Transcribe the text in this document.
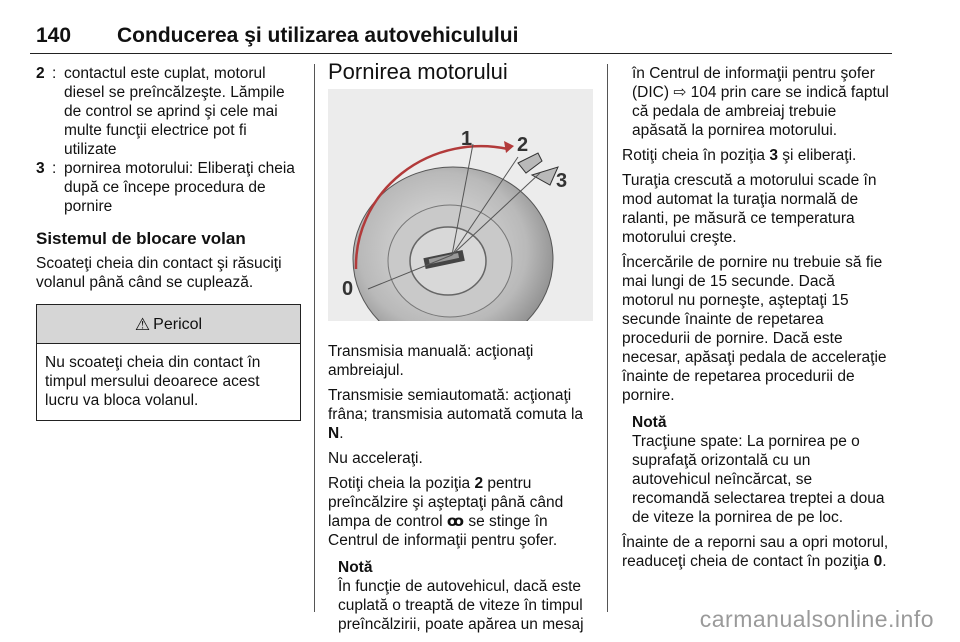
140 Conducerea şi utilizarea autovehiculului
2 : contactul este cuplat, motorul diesel se preîncălzeşte. Lămpile de control se aprind şi cele mai multe funcţii electrice pot fi utilizate
3 : pornirea motorului: Eliberaţi cheia după ce începe procedura de pornire
Sistemul de blocare volan

Scoateţi cheia din contact şi răsuciţi volanul până când se cuplează.

⚠ Pericol
Nu scoateţi cheia din contact în timpul mersului deoarece acest lucru va bloca volanul.
Pornirea motorului
0
1 2
3

Transmisia manuală: acţionaţi ambreiajul.

Transmisie semiautomată: acţionaţi frâna; transmisia automată comuta la N.

Nu acceleraţi.

Rotiţi cheia la poziţia 2 pentru preîncălzire şi aşteptaţi până când lampa de control ꝏ se stinge în Centrul de informaţii pentru şofer.

Notă
În funcţie de autovehicul, dacă este cuplată o treaptă de viteze în timpul preîncălzirii, poate apărea un mesaj
în Centrul de informaţii pentru şofer (DIC) ⇨ 104 prin care se indică faptul că pedala de ambreiaj trebuie apăsată la pornirea motorului.

Rotiţi cheia în poziţia 3 şi eliberaţi.

Turaţia crescută a motorului scade în mod automat la turaţia normală de ralanti, pe măsură ce temperatura motorului creşte.

Încercările de pornire nu trebuie să fie mai lungi de 15 secunde. Dacă motorul nu porneşte, aşteptaţi 15 secunde înainte de repetarea procedurii de pornire. Dacă este necesar, apăsaţi pedala de acceleraţie înainte de repetarea procedurii de pornire.

Notă
Tracţiune spate: La pornirea pe o suprafaţă orizontală cu un autovehicul neîncărcat, se recomandă selectarea treptei a doua de viteze la pornirea de pe loc.

Înainte de a reporni sau a opri motorul, readuceţi cheia de contact în poziţia 0.

carmanualsonline.info
